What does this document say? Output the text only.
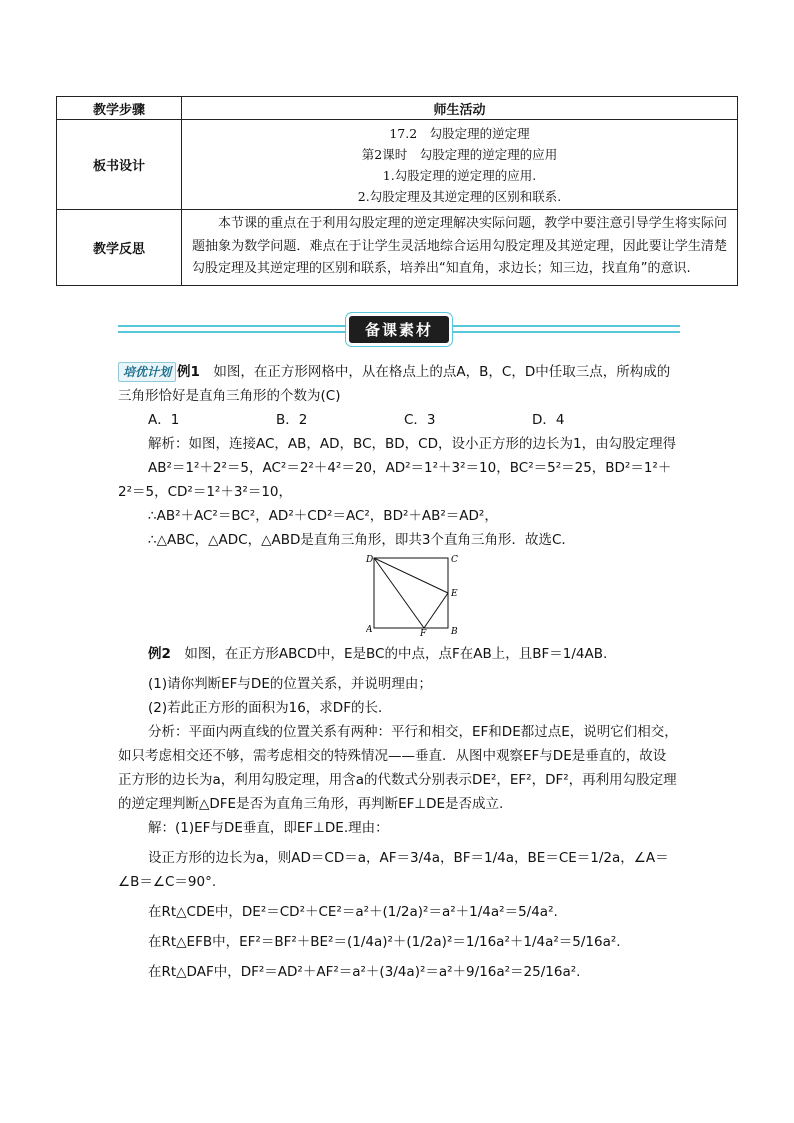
教学步骤	师生活动
板书设计	17.2　勾股定理的逆定理
第2课时　勾股定理的逆定理的应用
1.勾股定理的逆定理的应用.
2.勾股定理及其逆定理的区别和联系.

教学反思	本节课的重点在于利用勾股定理的逆定理解决实际问题，教学中要注意引导学生将实际问题抽象为数学问题．难点在于让学生灵活地综合运用勾股定理及其逆定理，因此要让学生清楚勾股定理及其逆定理的区别和联系，培养出“知直角，求边长；知三边，找直角”的意识.
备课素材

培优计划 例1　 如图，在正方形网格中，从在格点上的点A，B，C，D中任取三点，所构成的三角形恰好是直角三角形的个数为(C)

A．1	B．2	C．3	D．4

解析：如图，连接AC，AB，AD，BC，BD，CD，设小正方形的边长为1，由勾股定理得

AB²＝1²＋2²＝5，AC²＝2²＋4²＝20，AD²＝1²＋3²＝10，BC²＝5²＝25，BD²＝1²＋2²＝5，CD²＝1²＋3²＝10，

∴AB²＋AC²＝BC²，AD²＋CD²＝AC²，BD²＋AB²＝AD²，

∴△ABC，△ADC，△ABD是直角三角形，即共3个直角三角形．故选C.

D	C
E
A	F	B

例2　 如图，在正方形ABCD中，E是BC的中点，点F在AB上，且BF＝1/4AB.

(1)请你判断EF与DE的位置关系，并说明理由；

(2)若此正方形的面积为16，求DF的长．

分析：平面内两直线的位置关系有两种：平行和相交，EF和DE都过点E，说明它们相交，如只考虑相交还不够，需考虑相交的特殊情况——垂直．从图中观察EF与DE是垂直的，故设正方形的边长为a，利用勾股定理，用含a的代数式分别表示DE²，EF²，DF²，再利用勾股定理的逆定理判断△DFE是否为直角三角形，再判断EF⊥DE是否成立.

解：(1)EF与DE垂直，即EF⊥DE.理由：

设正方形的边长为a，则AD＝CD＝a，AF＝3/4a，BF＝1/4a，BE＝CE＝1/2a，∠A＝∠B＝∠C＝90°.

在Rt△CDE中，DE²＝CD²＋CE²＝a²＋(1/2a)²＝a²＋1/4a²＝5/4a².

在Rt△EFB中，EF²＝BF²＋BE²＝(1/4a)²＋(1/2a)²＝1/16a²＋1/4a²＝5/16a².

在Rt△DAF中，DF²＝AD²＋AF²＝a²＋(3/4a)²＝a²＋9/16a²＝25/16a².
